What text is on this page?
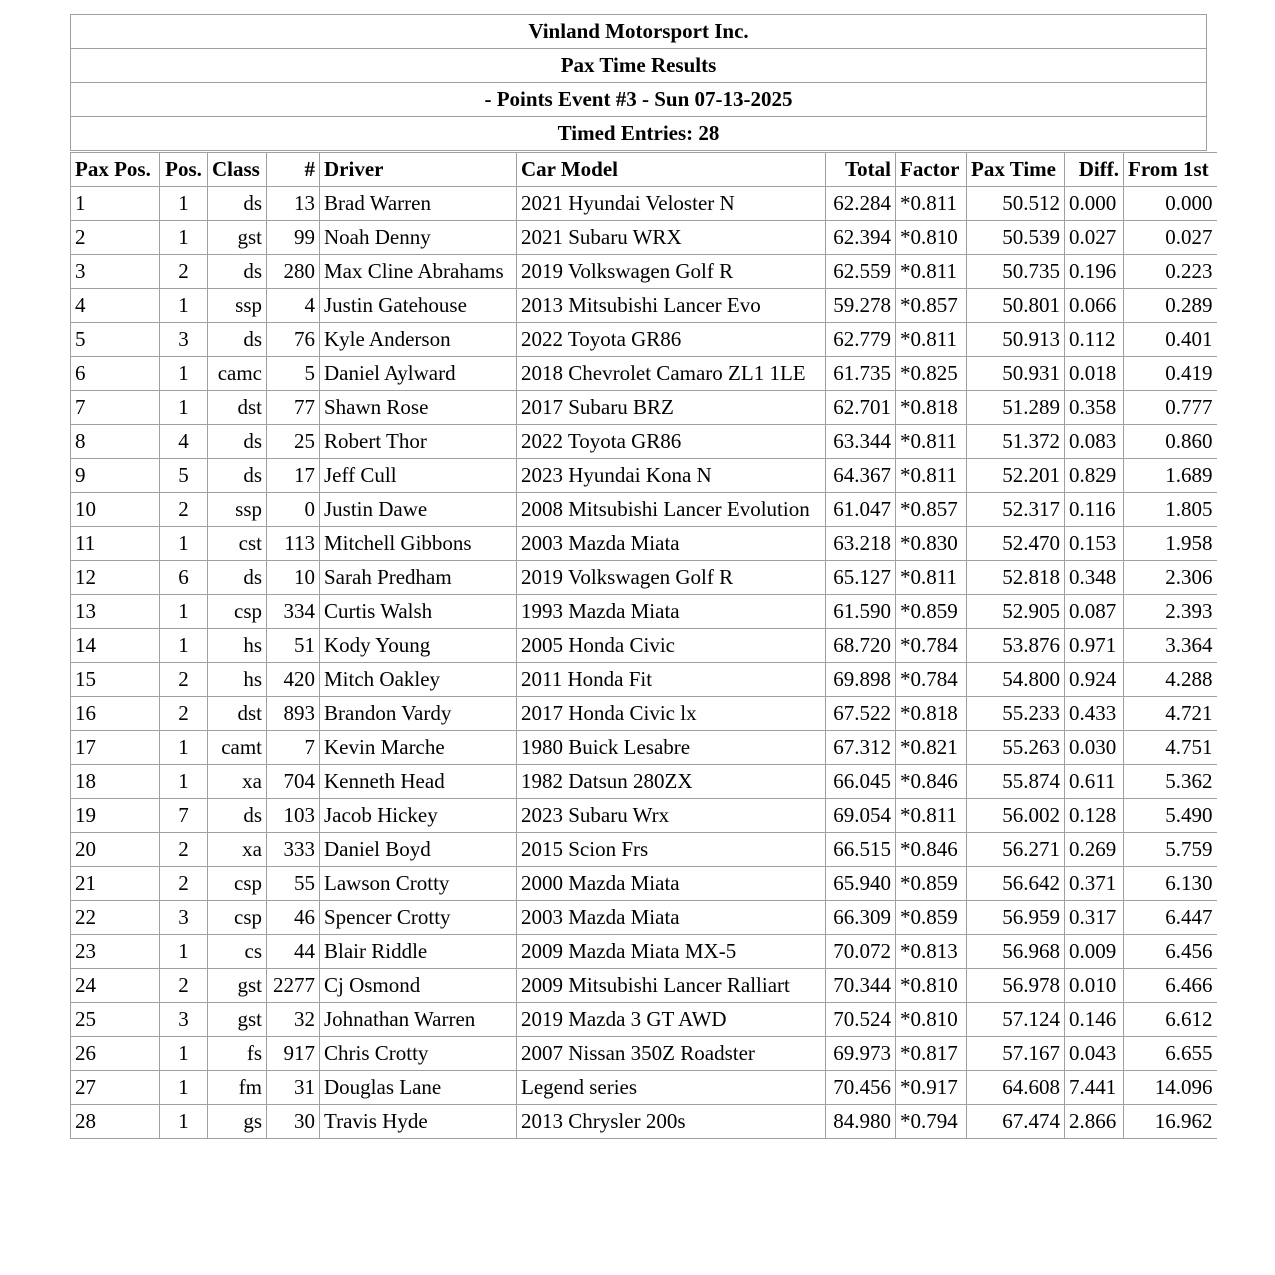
Vinland Motorsport Inc.
Pax Time Results
- Points Event #3 - Sun 07-13-2025
Timed Entries: 28
Pax Pos.	Pos.	Class	#	Driver	Car Model	Total	Factor	Pax Time	Diff.	From 1st
1	1	ds	13	Brad Warren	2021 Hyundai Veloster N	62.284	*0.811	50.512	0.000	0.000
2	1	gst	99	Noah Denny	2021 Subaru WRX	62.394	*0.810	50.539	0.027	0.027
3	2	ds	280	Max Cline Abrahams	2019 Volkswagen Golf R	62.559	*0.811	50.735	0.196	0.223
4	1	ssp	4	Justin Gatehouse	2013 Mitsubishi Lancer Evo	59.278	*0.857	50.801	0.066	0.289
5	3	ds	76	Kyle Anderson	2022 Toyota GR86	62.779	*0.811	50.913	0.112	0.401
6	1	camc	5	Daniel Aylward	2018 Chevrolet Camaro ZL1 1LE	61.735	*0.825	50.931	0.018	0.419
7	1	dst	77	Shawn Rose	2017 Subaru BRZ	62.701	*0.818	51.289	0.358	0.777
8	4	ds	25	Robert Thor	2022 Toyota GR86	63.344	*0.811	51.372	0.083	0.860
9	5	ds	17	Jeff Cull	2023 Hyundai Kona N	64.367	*0.811	52.201	0.829	1.689
10	2	ssp	0	Justin Dawe	2008 Mitsubishi Lancer Evolution	61.047	*0.857	52.317	0.116	1.805
11	1	cst	113	Mitchell Gibbons	2003 Mazda Miata	63.218	*0.830	52.470	0.153	1.958
12	6	ds	10	Sarah Predham	2019 Volkswagen Golf R	65.127	*0.811	52.818	0.348	2.306
13	1	csp	334	Curtis Walsh	1993 Mazda Miata	61.590	*0.859	52.905	0.087	2.393
14	1	hs	51	Kody Young	2005 Honda Civic	68.720	*0.784	53.876	0.971	3.364
15	2	hs	420	Mitch Oakley	2011 Honda Fit	69.898	*0.784	54.800	0.924	4.288
16	2	dst	893	Brandon Vardy	2017 Honda Civic lx	67.522	*0.818	55.233	0.433	4.721
17	1	camt	7	Kevin Marche	1980 Buick Lesabre	67.312	*0.821	55.263	0.030	4.751
18	1	xa	704	Kenneth Head	1982 Datsun 280ZX	66.045	*0.846	55.874	0.611	5.362
19	7	ds	103	Jacob Hickey	2023 Subaru Wrx	69.054	*0.811	56.002	0.128	5.490
20	2	xa	333	Daniel Boyd	2015 Scion Frs	66.515	*0.846	56.271	0.269	5.759
21	2	csp	55	Lawson Crotty	2000 Mazda Miata	65.940	*0.859	56.642	0.371	6.130
22	3	csp	46	Spencer Crotty	2003 Mazda Miata	66.309	*0.859	56.959	0.317	6.447
23	1	cs	44	Blair Riddle	2009 Mazda Miata MX-5	70.072	*0.813	56.968	0.009	6.456
24	2	gst	2277	Cj Osmond	2009 Mitsubishi Lancer Ralliart	70.344	*0.810	56.978	0.010	6.466
25	3	gst	32	Johnathan Warren	2019 Mazda 3 GT AWD	70.524	*0.810	57.124	0.146	6.612
26	1	fs	917	Chris Crotty	2007 Nissan 350Z Roadster	69.973	*0.817	57.167	0.043	6.655
27	1	fm	31	Douglas Lane	Legend series	70.456	*0.917	64.608	7.441	14.096
28	1	gs	30	Travis Hyde	2013 Chrysler 200s	84.980	*0.794	67.474	2.866	16.962
